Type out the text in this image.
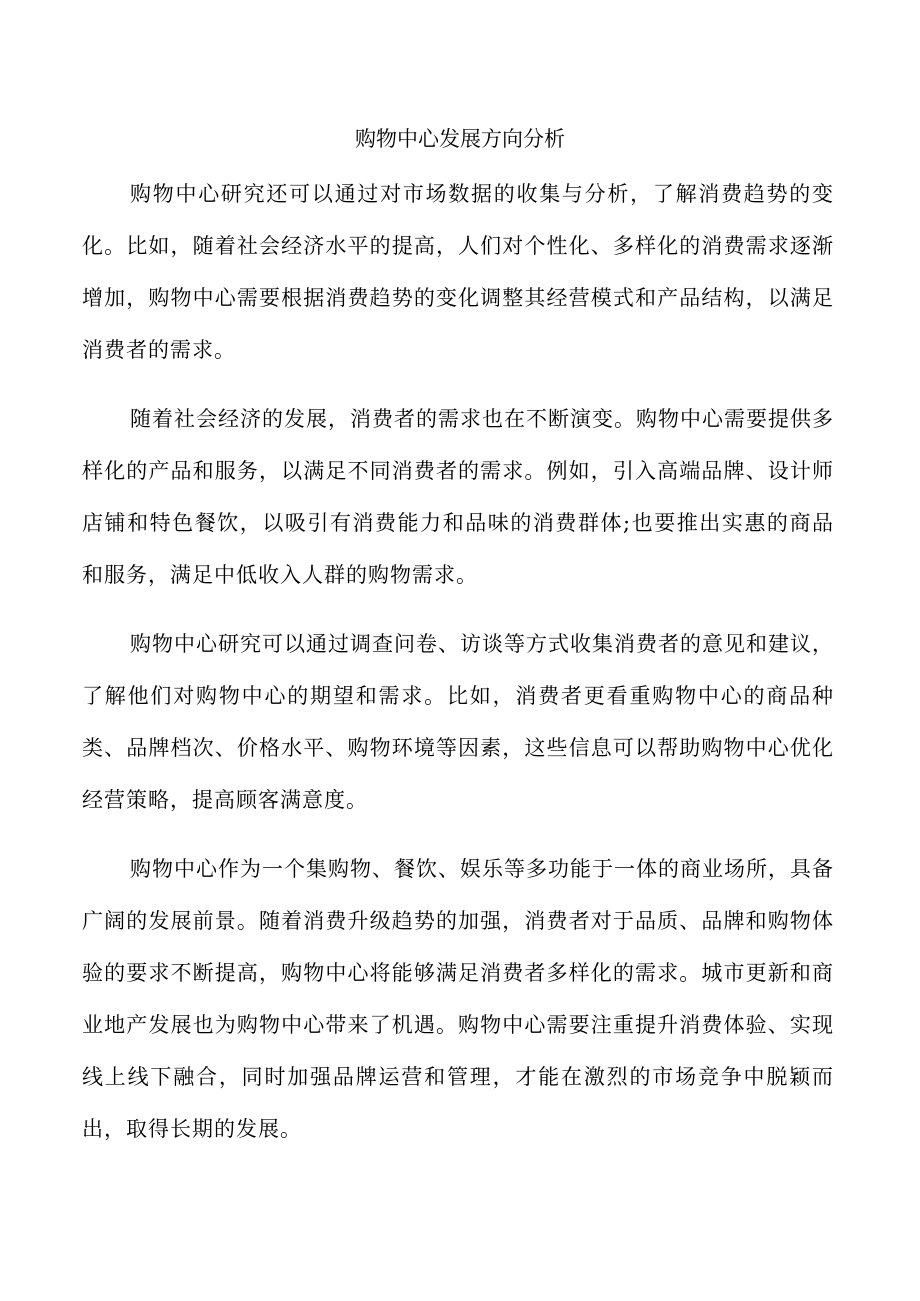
购物中心发展方向分析

购物中心研究还可以通过对市场数据的收集与分析，了解消费趋势的变化。比如，随着社会经济水平的提高，人们对个性化、多样化的消费需求逐渐增加，购物中心需要根据消费趋势的变化调整其经营模式和产品结构，以满足消费者的需求。

随着社会经济的发展，消费者的需求也在不断演变。购物中心需要提供多样化的产品和服务，以满足不同消费者的需求。例如，引入高端品牌、设计师店铺和特色餐饮，以吸引有消费能力和品味的消费群体;也要推出实惠的商品和服务，满足中低收入人群的购物需求。

购物中心研究可以通过调查问卷、访谈等方式收集消费者的意见和建议，了解他们对购物中心的期望和需求。比如，消费者更看重购物中心的商品种类、品牌档次、价格水平、购物环境等因素，这些信息可以帮助购物中心优化经营策略，提高顾客满意度。

购物中心作为一个集购物、餐饮、娱乐等多功能于一体的商业场所，具备广阔的发展前景。随着消费升级趋势的加强，消费者对于品质、品牌和购物体验的要求不断提高，购物中心将能够满足消费者多样化的需求。城市更新和商业地产发展也为购物中心带来了机遇。购物中心需要注重提升消费体验、实现线上线下融合，同时加强品牌运营和管理，才能在激烈的市场竞争中脱颖而出，取得长期的发展。
